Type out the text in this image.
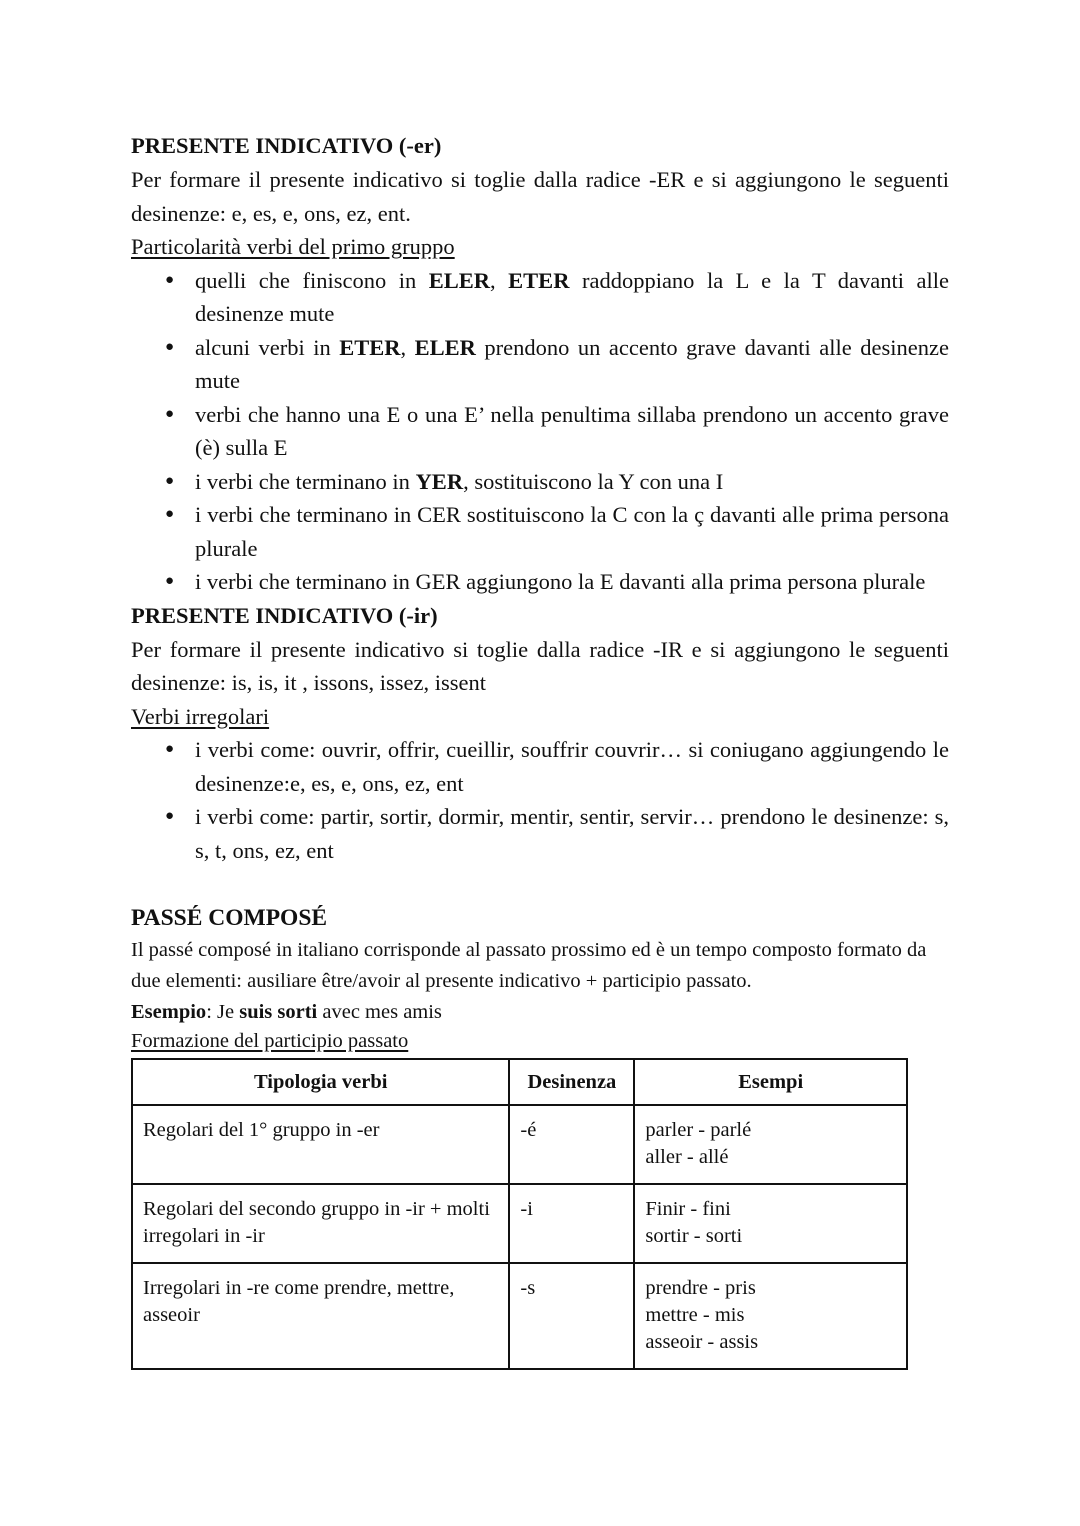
PRESENTE INDICATIVO (-er)

Per formare il presente indicativo si toglie dalla radice -ER e si aggiungono le seguenti desinenze: e, es, e, ons, ez, ent.

Particolarità verbi del primo gruppo

● quelli che finiscono in ELER, ETER raddoppiano la L e la T davanti alle desinenze mute
● alcuni verbi in ETER, ELER prendono un accento grave davanti alle desinenze mute
● verbi che hanno una E o una E’ nella penultima sillaba prendono un accento grave (è) sulla E
● i verbi che terminano in YER, sostituiscono la Y con una I
● i verbi che terminano in CER sostituiscono la C con la ç davanti alle prima persona plurale
● i verbi che terminano in GER aggiungono la E davanti alla prima persona plurale
PRESENTE INDICATIVO (-ir)

Per formare il presente indicativo si toglie dalla radice -IR e si aggiungono le seguenti desinenze: is, is, it , issons, issez, issent

Verbi irregolari

● i verbi come: ouvrir, offrir, cueillir, souffrir couvrir… si coniugano aggiungendo le desinenze:e, es, e, ons, ez, ent
● i verbi come: partir, sortir, dormir, mentir, sentir, servir… prendono le desinenze: s, s, t, ons, ez, ent
PASSÉ COMPOSÉ

Il passé composé in italiano corrisponde al passato prossimo ed è un tempo composto formato da due elementi: ausiliare être/avoir al presente indicativo + participio passato.

Esempio: Je suis sorti avec mes amis

Formazione del participio passato

Tipologia verbi	Desinenza	Esempi
Regolari del 1° gruppo in -er	-é	parler - parlé
aller - allé

Regolari del secondo gruppo in -ir + molti irregolari in -ir	-i	Finir - fini
sortir - sorti

Irregolari in -re come prendre, mettre, asseoir	-s	prendre - pris
mettre - mis
asseoir - assis
